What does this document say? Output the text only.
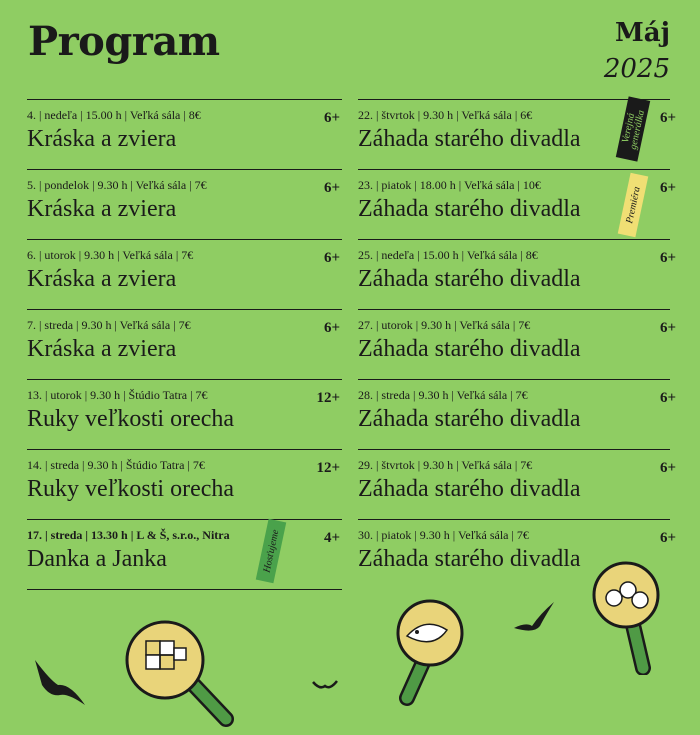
Program	Máj
2025
4. | nedeľa | 15.00 h | Veľká sála | 8€
Kráska a zviera
6+
5. | pondelok | 9.30 h | Veľká sála | 7€
Kráska a zviera
6+
6. | utorok | 9.30 h | Veľká sála | 7€
Kráska a zviera
6+
7. | streda | 9.30 h | Veľká sála | 7€
Kráska a zviera
6+
13. | utorok | 9.30 h | Štúdio Tatra | 7€
Ruky veľkosti orecha
12+
14. | streda | 9.30 h | Štúdio Tatra | 7€
Ruky veľkosti orecha
12+
17. | streda | 13.30 h | L & Š, s.r.o., Nitra
Danka a Janka	Hosťujeme	4+
22. | štvrtok | 9.30 h | Veľká sála | 6€
Záhada starého divadla	Verejná generálka 6+
23. | piatok | 18.00 h | Veľká sála | 10€
Záhada starého divadla	Premiéra	6+
25. | nedeľa | 15.00 h | Veľká sála | 8€
Záhada starého divadla
6+
27. | utorok | 9.30 h | Veľká sála | 7€
Záhada starého divadla
6+
28. | streda | 9.30 h | Veľká sála | 7€
Záhada starého divadla
6+
29. | štvrtok | 9.30 h | Veľká sála | 7€
Záhada starého divadla
6+
30. | piatok | 9.30 h | Veľká sála | 7€
Záhada starého divadla
6+
